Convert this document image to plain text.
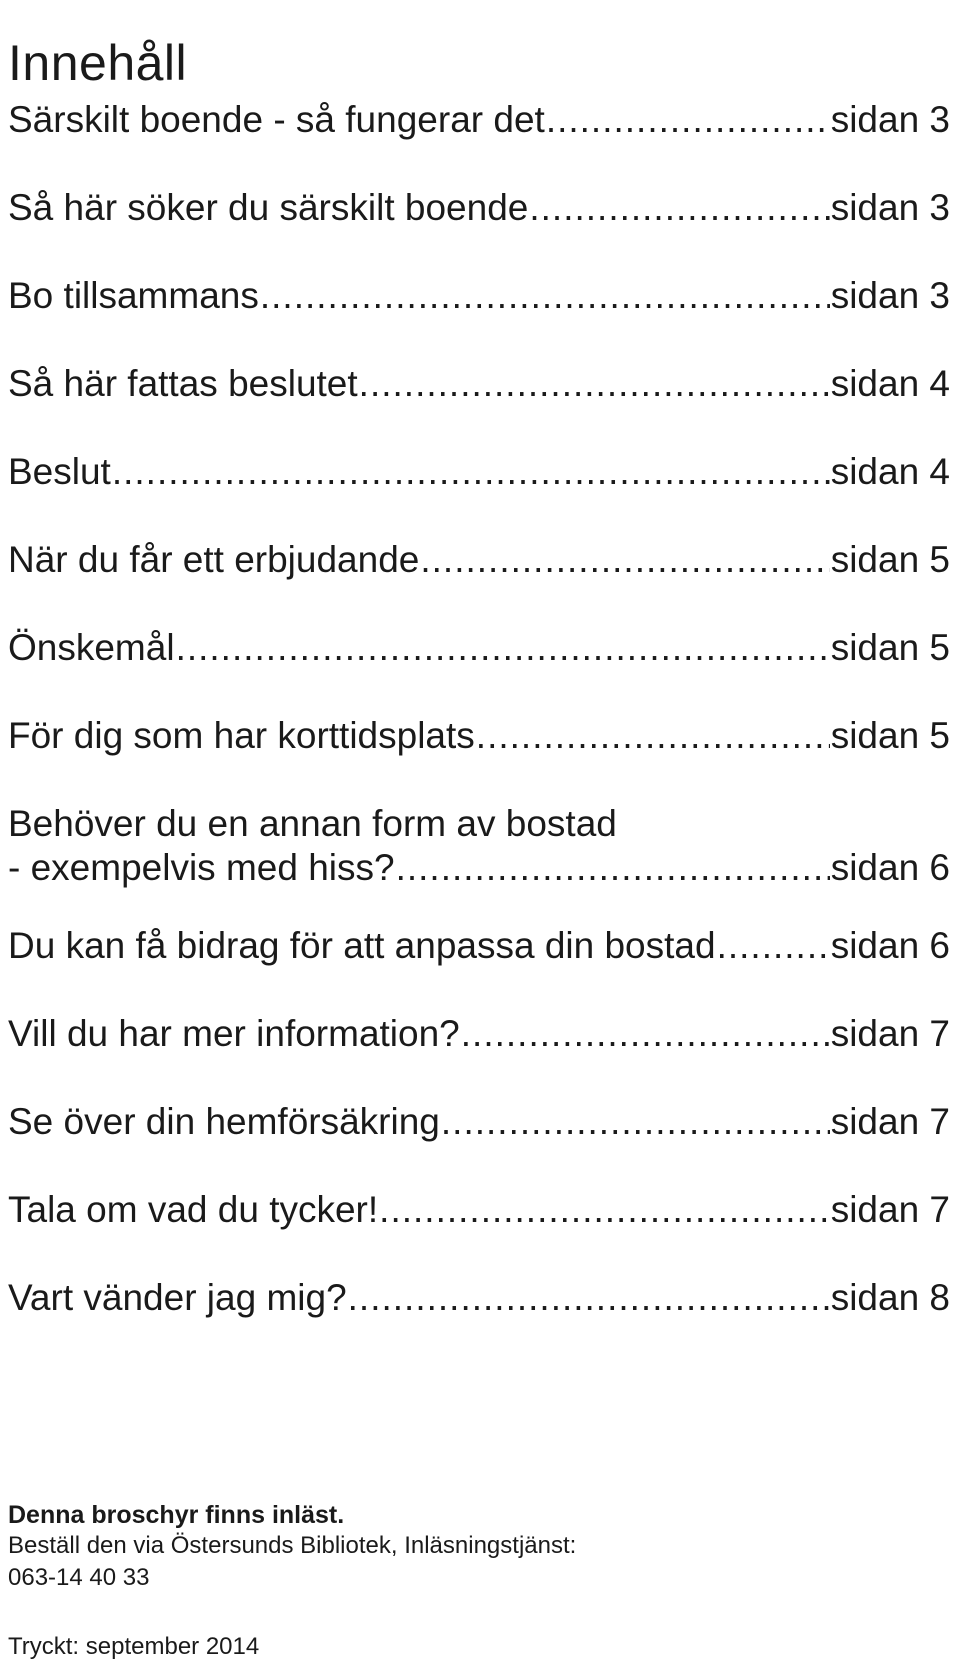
Innehåll
Särskilt boende - så fungerar det .....	sidan 3
Så här söker du särskilt boende .....	sidan 3
Bo tillsammans .....	sidan 3
Så här fattas beslutet .....	sidan 4
Beslut .....	sidan 4
När du får ett erbjudande .....	sidan 5
Önskemål .....	sidan 5
För dig som har korttidsplats .....	sidan 5
Behöver du en annan form av bostad
- exempelvis med hiss? .....	sidan 6
Du kan få bidrag för att anpassa din bostad .....	sidan 6
Vill du har mer information? .....	sidan 7
Se över din hemförsäkring .....	sidan 7
Tala om vad du tycker! .....	sidan 7
Vart vänder jag mig? .....	sidan 8
Denna broschyr finns inläst.
Beställ den via Östersunds Bibliotek, Inläsningstjänst:
063-14 40 33
Tryckt: september 2014
